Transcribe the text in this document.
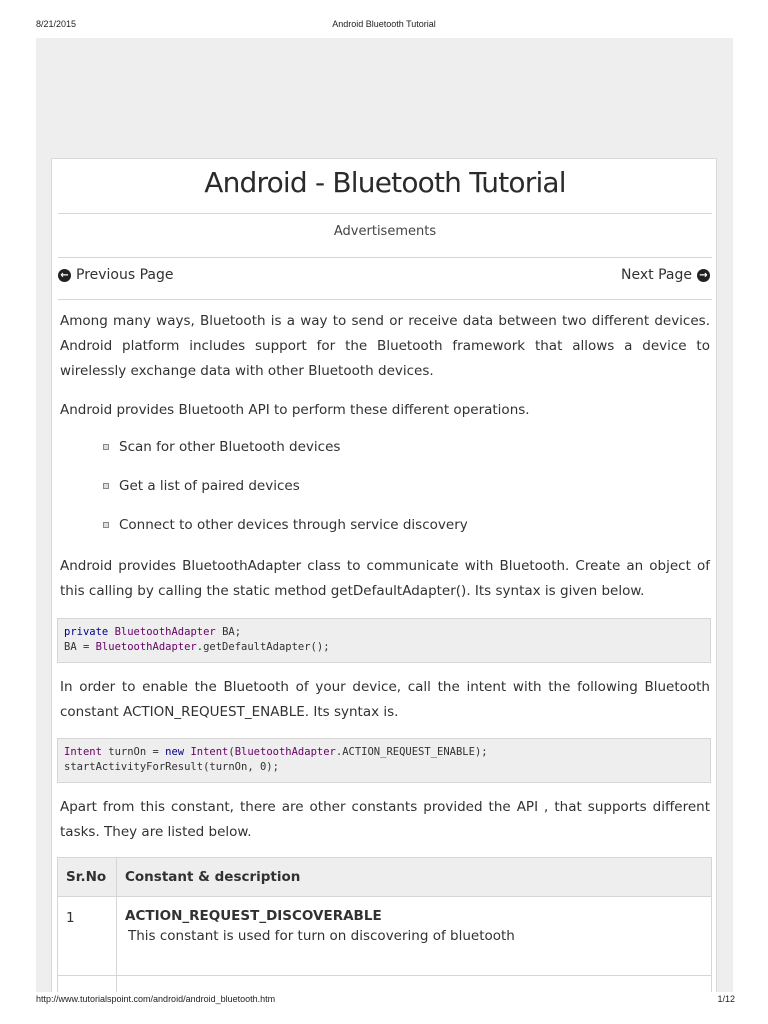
8/21/2015	Android Bluetooth Tutorial
Android - Bluetooth Tutorial
Advertisements
← Previous Page	Next Page →

Among many ways, Bluetooth is a way to send or receive data between two different devices. Android platform includes support for the Bluetooth framework that allows a device to wirelessly exchange data with other Bluetooth devices.

Android provides Bluetooth API to perform these different operations.

Scan for other Bluetooth devices
Get a list of paired devices
Connect to other devices through service discovery

Android provides BluetoothAdapter class to communicate with Bluetooth. Create an object of this calling by calling the static method getDefaultAdapter(). Its syntax is given below.

private BluetoothAdapter BA;
BA = BluetoothAdapter.getDefaultAdapter();

In order to enable the Bluetooth of your device, call the intent with the following Bluetooth constant ACTION_REQUEST_ENABLE. Its syntax is.

Intent turnOn = new Intent(BluetoothAdapter.ACTION_REQUEST_ENABLE);
startActivityForResult(turnOn, 0);

Apart from this constant, there are other constants provided the API , that supports different tasks. They are listed below.

Sr.No	Constant & description
1	ACTION_REQUEST_DISCOVERABLE
This constant is used for turn on discovering of bluetooth

http://www.tutorialspoint.com/android/android_bluetooth.htm	1/12
